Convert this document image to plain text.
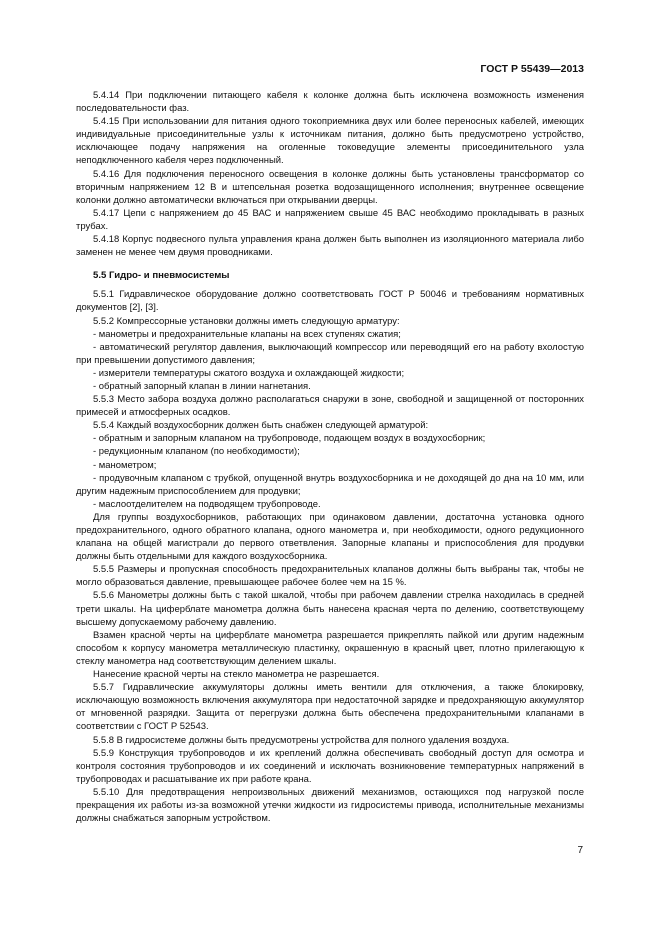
ГОСТ Р 55439—2013

5.4.14 При подключении питающего кабеля к колонке должна быть исключена возможность изменения последовательности фаз.

5.4.15 При использовании для питания одного токоприемника двух или более переносных кабелей, имеющих индивидуальные присоединительные узлы к источникам питания, должно быть предусмотрено устройство, исключающее подачу напряжения на оголенные токоведущие элементы присоединительного узла неподключенного кабеля через подключенный.

5.4.16 Для подключения переносного освещения в колонке должны быть установлены трансформатор со вторичным напряжением 12 В и штепсельная розетка водозащищенного исполнения; внутреннее освещение колонки должно автоматически включаться при открывании дверцы.

5.4.17 Цепи с напряжением до 45 ВАС и напряжением свыше 45 ВАС необходимо прокладывать в разных трубах.

5.4.18 Корпус подвесного пульта управления крана должен быть выполнен из изоляционного материала либо заменен не менее чем двумя проводниками.

5.5 Гидро- и пневмосистемы

5.5.1 Гидравлическое оборудование должно соответствовать ГОСТ Р 50046 и требованиям нормативных документов [2], [3].

5.5.2 Компрессорные установки должны иметь следующую арматуру:

- манометры и предохранительные клапаны на всех ступенях сжатия;

- автоматический регулятор давления, выключающий компрессор или переводящий его на работу вхолостую при превышении допустимого давления;

- измерители температуры сжатого воздуха и охлаждающей жидкости;

- обратный запорный клапан в линии нагнетания.

5.5.3 Место забора воздуха должно располагаться снаружи в зоне, свободной и защищенной от посторонних примесей и атмосферных осадков.

5.5.4 Каждый воздухосборник должен быть снабжен следующей арматурой:

- обратным и запорным клапаном на трубопроводе, подающем воздух в воздухосборник;

- редукционным клапаном (по необходимости);

- манометром;

- продувочным клапаном с трубкой, опущенной внутрь воздухосборника и не доходящей до дна на 10 мм, или другим надежным приспособлением для продувки;

- маслоотделителем на подводящем трубопроводе.

Для группы воздухосборников, работающих при одинаковом давлении, достаточна установка одного предохранительного, одного обратного клапана, одного манометра и, при необходимости, одного редукционного клапана на общей магистрали до первого ответвления. Запорные клапаны и приспособления для продувки должны быть отдельными для каждого воздухосборника.

5.5.5 Размеры и пропускная способность предохранительных клапанов должны быть выбраны так, чтобы не могло образоваться давление, превышающее рабочее более чем на 15 %.

5.5.6 Манометры должны быть с такой шкалой, чтобы при рабочем давлении стрелка находилась в средней трети шкалы. На циферблате манометра должна быть нанесена красная черта по делению, соответствующему высшему допускаемому рабочему давлению.

Взамен красной черты на циферблате манометра разрешается прикреплять пайкой или другим надежным способом к корпусу манометра металлическую пластинку, окрашенную в красный цвет, плотно прилегающую к стеклу манометра над соответствующим делением шкалы.

Нанесение красной черты на стекло манометра не разрешается.

5.5.7 Гидравлические аккумуляторы должны иметь вентили для отключения, а также блокировку, исключающую возможность включения аккумулятора при недостаточной зарядке и предохраняющую аккумулятор от мгновенной разрядки. Защита от перегрузки должна быть обеспечена предохранительными клапанами в соответствии с ГОСТ Р 52543.

5.5.8 В гидросистеме должны быть предусмотрены устройства для полного удаления воздуха.

5.5.9 Конструкция трубопроводов и их креплений должна обеспечивать свободный доступ для осмотра и контроля состояния трубопроводов и их соединений и исключать возникновение температурных напряжений в трубопроводах и расшатывание их при работе крана.

5.5.10 Для предотвращения непроизвольных движений механизмов, остающихся под нагрузкой после прекращения их работы из-за возможной утечки жидкости из гидросистемы привода, исполнительные механизмы должны снабжаться запорным устройством.

7
